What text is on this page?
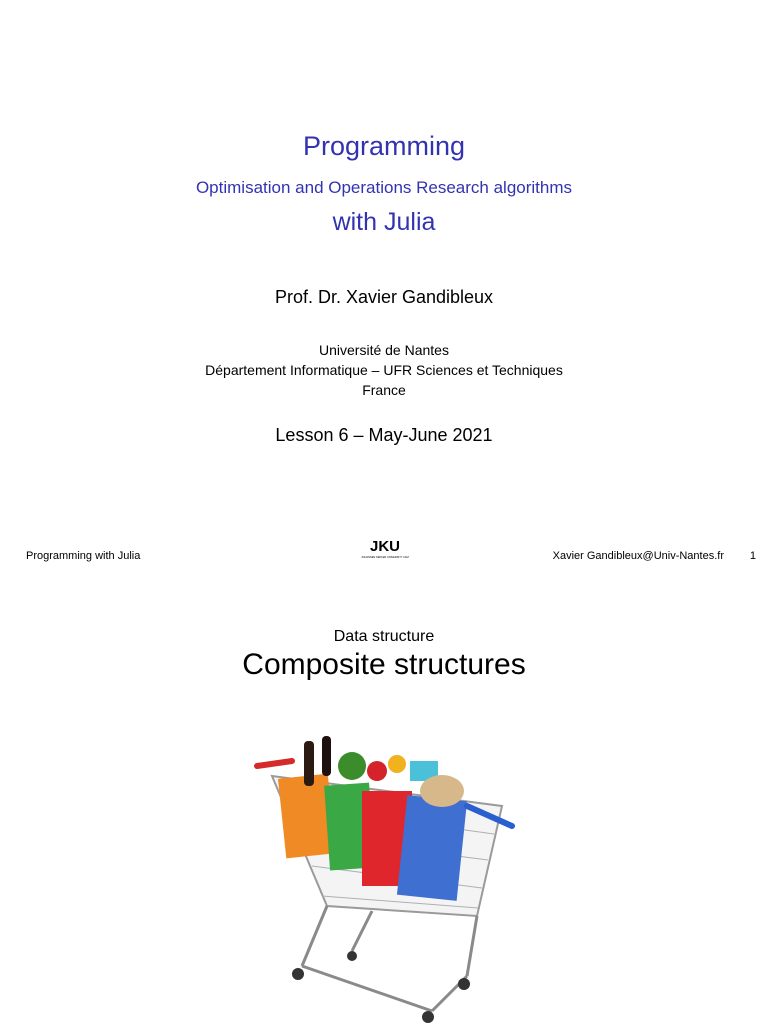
Programming
Optimisation and Operations Research algorithms
with Julia
Prof. Dr. Xavier Gandibleux
Université de Nantes
Département Informatique – UFR Sciences et Techniques
France
Lesson 6 – May-June 2021
Programming with Julia
JKU
JOHANNES KEPLER UNIVERSITY LINZ	Xavier Gandibleux@Univ-Nantes.fr 1
Data structure
Composite structures
